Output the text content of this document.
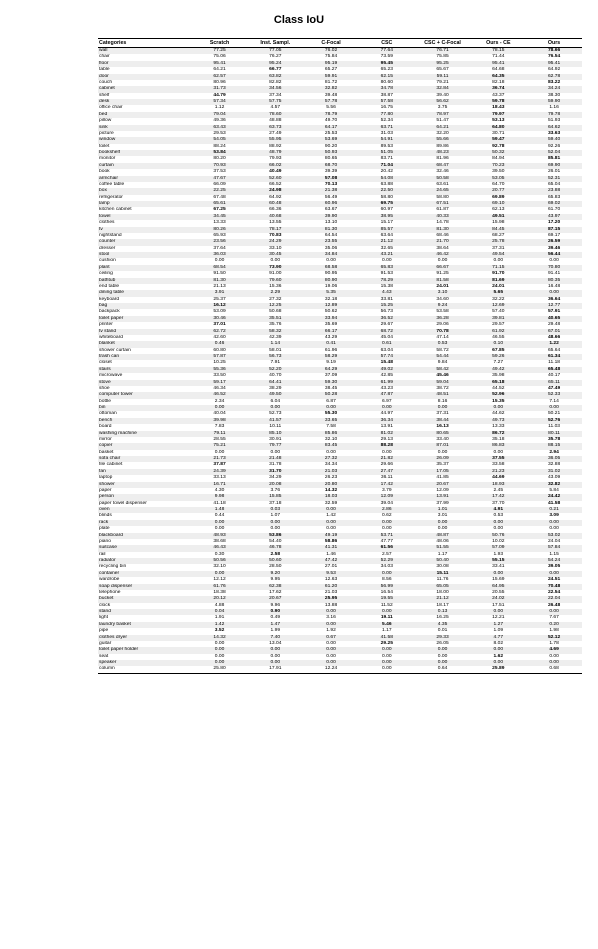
Class IoU
Categories	Scratch	Inst. Sampl.	C-Focal	CSC	CSC + C-Focal	Ours - CE	Ours
wall	77.25	77.05	76.02	77.64	76.71	78.15	78.66
chair	75.06	76.27	75.84	73.59	75.85	71.44	76.54
floor	95.41	95.24	95.19	95.45	95.25	95.41	95.41
table	64.21	66.77	65.27	65.23	65.67	64.68	64.92
door	62.57	63.82	59.91	62.15	59.11	64.35	62.78
couch	80.96	82.82	81.72	80.60	79.21	82.18	83.22
cabinet	31.73	34.56	32.82	34.78	32.84	36.74	34.24
shelf	44.79	37.34	39.48	38.87	39.40	43.37	38.30
desk	57.34	57.75	57.78	57.58	56.62	59.78	59.90
office chair	1.12	4.57	5.56	16.75	3.75	18.43	1.16
bed	79.04	78.60	78.79	77.80	78.97	79.97	79.78
pillow	49.36	48.88	49.70	52.34	51.47	53.13	51.93
sink	63.43	63.73	64.17	63.71	64.21	64.80	64.62
picture	29.53	27.49	25.53	31.03	32.20	30.71	33.63
window	54.05	55.95	53.69	54.91	55.66	59.47	59.40
toilet	88.24	88.92	90.20	89.53	89.86	92.78	92.26
bookshelf	53.84	48.79	50.93	51.05	48.23	50.32	52.04
monitor	80.20	79.93	80.65	83.71	81.96	84.94	85.81
curtain	70.93	66.02	68.70	71.04	68.47	70.23	69.90
book	37.53	40.49	39.39	20.42	32.46	39.50	26.01
armchair	47.67	52.60	57.08	54.08	50.58	53.05	52.31
coffee table	66.09	66.52	70.13	63.88	63.61	64.70	65.04
box	22.25	24.98	21.38	22.50	24.65	20.77	23.88
refrigerator	67.48	64.92	56.49	58.80	58.80	69.89	65.83
lamp	65.61	60.48	60.96	69.75	67.51	69.10	69.02
kitchen cabinet	67.25	66.36	63.67	60.97	61.87	62.13	61.70
towel	34.45	40.68	39.90	38.95	40.33	49.51	43.97
clothes	13.33	13.55	13.10	15.17	14.78	15.98	17.20
tv	80.26	78.17	81.30	85.57	81.30	84.45	87.15
nightstand	65.93	70.83	64.54	63.64	68.46	68.27	69.17
counter	23.56	24.29	23.55	21.12	21.70	25.78	26.59
dresser	37.64	33.10	35.06	32.65	38.64	37.31	39.46
stool	36.03	30.45	34.84	43.21	46.42	49.54	56.44
cushion	0.00	0.00	0.00	0.00	0.00	0.00	0.00
plant	68.54	73.90	68.58	65.83	66.67	71.15	70.80
ceiling	91.50	91.00	90.95	91.53	91.25	91.70	91.41
bathtub	81.30	79.60	80.90	78.29	81.58	81.69	80.35
end table	21.13	15.36	19.06	15.38	24.01	24.01	16.48
dining table	3.91	2.29	5.35	4.43	3.10	5.65	0.00
keyboard	25.37	27.32	32.18	33.81	34.60	32.22	36.64
bag	16.12	12.25	12.89	15.25	9.24	12.69	12.77
backpack	53.09	50.68	50.62	56.73	53.58	57.40	57.91
toilet paper	30.46	35.51	33.94	36.52	36.28	39.81	40.65
printer	37.01	35.76	35.69	29.67	29.06	29.57	29.48
tv stand	62.72	58.32	66.17	68.72	70.78	61.92	67.01
whiteboard	42.60	42.39	43.29	45.04	47.14	46.55	48.66
blanket	0.46	1.14	0.41	0.61	0.53	0.10	1.22
shower curtain	60.80	58.01	61.96	63.04	58.72	67.85	65.64
trash can	57.87	56.73	58.29	57.74	54.44	59.26	61.34
closet	10.25	7.91	9.19	15.48	9.84	7.27	11.18
stairs	55.36	52.20	64.29	49.02	58.42	49.42	65.48
microwave	33.50	40.70	37.09	42.85	45.46	35.98	40.17
stove	59.17	64.41	59.30	61.99	59.04	65.18	65.11
shoe	46.34	38.29	38.45	43.23	38.72	44.52	47.49
computer tower	46.52	49.50	50.28	47.87	48.51	52.96	52.33
bottle	2.34	6.04	6.87	6.97	8.16	15.35	7.14
bin	0.00	0.00	0.00	0.00	0.00	0.00	0.00
ottoman	40.04	52.73	55.30	44.97	37.31	44.62	50.21
bench	39.98	41.57	33.65	36.34	38.44	49.73	52.76
board	7.83	10.11	7.58	13.91	16.13	13.33	11.03
washing machine	79.11	85.10	85.86	81.02	80.65	86.72	80.11
mirror	28.55	30.91	32.10	29.13	33.40	35.18	35.78
copier	75.21	79.77	83.45	88.28	87.01	86.83	88.15
basket	0.00	0.00	0.00	0.00	0.00	0.00	2.94
sofa chair	21.73	21.48	27.32	21.82	26.09	37.55	36.05
file cabinet	37.87	31.78	34.34	29.66	35.37	33.58	32.88
fan	24.39	31.70	21.03	27.47	17.05	21.23	31.02
laptop	33.13	34.29	26.23	36.11	41.85	44.69	43.09
shower	16.71	20.08	20.80	17.42	20.67	18.93	32.82
paper	4.30	3.76	14.32	3.79	12.09	2.45	5.84
person	9.98	15.85	18.03	12.09	13.91	17.42	24.42
paper towel dispenser	41.18	37.18	32.59	39.04	37.99	37.70	41.58
oven	1.48	0.03	0.00	2.86	1.01	4.91	0.21
blinds	0.44	1.07	1.42	0.62	3.01	0.53	3.09
rack	0.00	0.00	0.00	0.00	0.00	0.00	0.00
plate	0.00	0.00	0.00	0.00	0.00	0.00	0.00
blackboard	48.93	53.86	49.19	53.71	48.87	50.76	53.02
piano	38.68	54.40	58.86	47.77	48.06	10.02	24.04
suitcase	46.43	46.78	41.31	61.56	51.55	57.09	57.84
rail	0.30	2.58	1.46	2.57	1.17	1.93	1.15
radiator	50.56	50.60	47.42	52.29	50.40	55.15	54.24
recycling bin	32.10	28.50	27.01	34.03	30.08	33.41	39.05
container	0.00	9.20	9.53	0.00	15.11	0.00	0.00
wardrobe	12.12	9.95	12.63	8.56	11.76	15.69	24.51
soap dispenser	61.76	62.38	61.20	56.99	65.05	64.95	70.48
telephone	18.38	17.62	21.03	16.54	18.00	20.55	22.54
bucket	20.12	20.67	25.95	19.55	21.12	24.02	22.04
clock	4.88	9.96	13.88	11.52	18.17	17.51	26.48
stand	0.04	0.90	0.00	0.00	0.13	0.00	0.00
light	1.91	0.49	3.16	19.11	16.25	12.21	7.67
laundry basket	1.42	1.47	0.00	5.46	4.35	1.27	0.20
pipe	3.52	1.99	1.92	1.17	0.01	1.09	1.98
clothes dryer	14.32	7.40	0.67	41.58	29.33	4.77	52.12
guitar	0.00	13.04	0.00	29.25	26.05	8.02	1.78
toilet paper holder	0.00	0.00	0.00	0.00	0.00	0.00	4.69
seat	0.00	0.00	0.00	0.00	0.00	1.62	0.00
speaker	0.00	0.00	0.00	0.00	0.00	0.00	0.00
column	25.80	17.91	12.24	0.00	0.64	25.89	0.68
